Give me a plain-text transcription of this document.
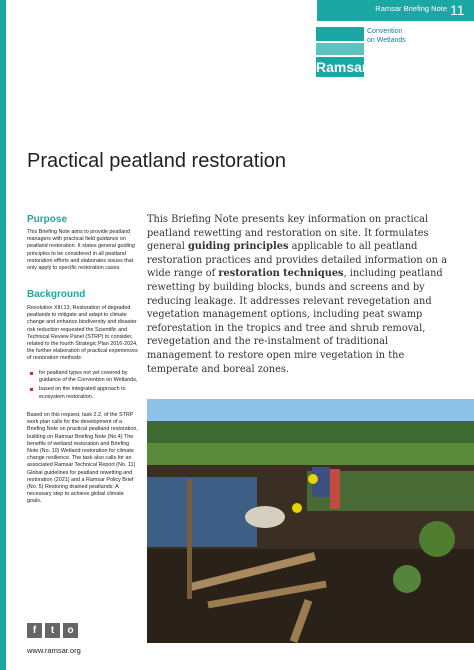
Ramsar Briefing Note 11
Ramsar
Convention
on Wetlands
Practical peatland restoration
Purpose
This Briefing Note aims to provide peatland managers with practical field guidance on peatland restoration. It states general guiding principles to be considered in all peatland restoration efforts and elaborates issues that only apply to specific restoration cases.
Background
Resolution XIII.13, Restoration of degraded peatlands to mitigate and adapt to climate change and enhance biodiversity and disaster risk reduction requested the Scientific and Technical Review Panel (STRP) to consider, related to the fourth Strategic Plan 2016-2024, the further elaboration of practical experiences of restoration methods:
for peatland types not yet covered by guidance of the Convention on Wetlands,
based on the integrated approach to ecosystem restoration.
Based on this request, task 2.2. of the STRP work plan calls for the development of a Briefing Note on practical peatland restoration, building on Ramsar Briefing Note (No.4) The benefits of wetland restoration and Briefing Note (No. 10) Wetland restoration for climate change resilience. The task also calls for an associated Ramsar Technical Report (No. 11) Global guidelines for peatland rewetting and restoration (2021) and a Ramsar Policy Brief (No. 5) Restoring drained peatlands: A necessary step to achieve global climate goals.
This Briefing Note presents key information on practical peatland rewetting and restoration on site. It formulates general guiding principles applicable to all peatland restoration practices and provides detailed information on a wide range of restoration techniques, including peatland rewetting by building blocks, bunds and screens and by reducing leakage. It addresses relevant revegetation and vegetation management options, including peat swamp reforestation in the tropics and tree and shrub removal, revegetation and the re-instalment of traditional management to restore open mire vegetation in the temperate and boreal zones.
f	t	o
www.ramsar.org
